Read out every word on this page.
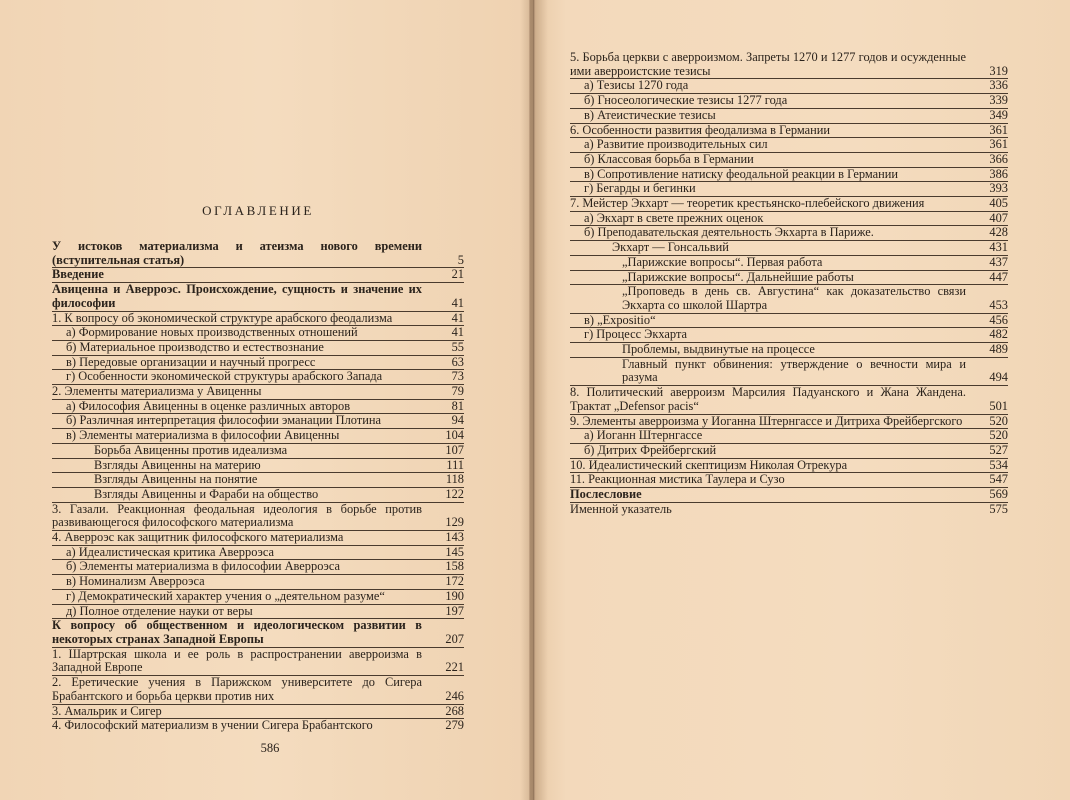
ОГЛАВЛЕНИЕ
У истоков материализма и атеизма нового времени (вступительная статья)	5
Введение	21
Авиценна и Аверроэс. Происхождение, сущность и значение их философии	41
1. К вопросу об экономической структуре арабского феодализма	41
а) Формирование новых производственных отношений	41
б) Материальное производство и естествознание	55
в) Передовые организации и научный прогресс	63
г) Особенности экономической структуры арабского Запада	73
2. Элементы материализма у Авиценны	79
а) Философия Авиценны в оценке различных авторов	81
б) Различная интерпретация философии эманации Плотина	94
в) Элементы материализма в философии Авиценны	104
Борьба Авиценны против идеализма	107
Взгляды Авиценны на материю	111
Взгляды Авиценны на понятие	118
Взгляды Авиценны и Фараби на общество	122
3. Газали. Реакционная феодальная идеология в борьбе против развивающегося философского материализма	129
4. Аверроэс как защитник философского материализма	143
а) Идеалистическая критика Аверроэса	145
б) Элементы материализма в философии Аверроэса	158
в) Номинализм Аверроэса	172
г) Демократический характер учения о „деятельном разуме“	190
д) Полное отделение науки от веры	197
К вопросу об общественном и идеологическом развитии в некоторых странах Западной Европы	207
1. Шартрская школа и ее роль в распространении аверроизма в Западной Европе	221
2. Еретические учения в Парижском университете до Сигера Брабантского и борьба церкви против них	246
3. Амальрик и Сигер	268
4. Философский материализм в учении Сигера Брабантского	279
586
5. Борьба церкви с аверроизмом. Запреты 1270 и 1277 годов и осужденные ими аверроистские тезисы	319
а) Тезисы 1270 года	336
б) Гносеологические тезисы 1277 года	339
в) Атеистические тезисы	349
6. Особенности развития феодализма в Германии	361
а) Развитие производительных сил	361
б) Классовая борьба в Германии	366
в) Сопротивление натиску феодальной реакции в Германии	386
г) Бегарды и бегинки	393
7. Мейстер Экхарт — теоретик крестьянско-плебейского движения	405
а) Экхарт в свете прежних оценок	407
б) Преподавательская деятельность Экхарта в Париже.	428
Экхарт — Гонсальвий	431
„Парижские вопросы“. Первая работа	437
„Парижские вопросы“. Дальнейшие работы	447
„Проповедь в день св. Августина“ как доказательство связи Экхарта со школой Шартра	453
в) „Expositio“	456
г) Процесс Экхарта	482
Проблемы, выдвинутые на процессе	489
Главный пункт обвинения: утверждение о вечности мира и разума	494
8. Политический аверроизм Марсилия Падуанского и Жана Жандена. Трактат „Defensor pacis“	501
9. Элементы аверроизма у Иоганна Штернгассе и Дитриха Фрейбергского	520
а) Иоганн Штернгассе	520
б) Дитрих Фрейбергский	527
10. Идеалистический скептицизм Николая Отрекура	534
11. Реакционная мистика Таулера и Сузо	547
Послесловие	569
Именной указатель	575
